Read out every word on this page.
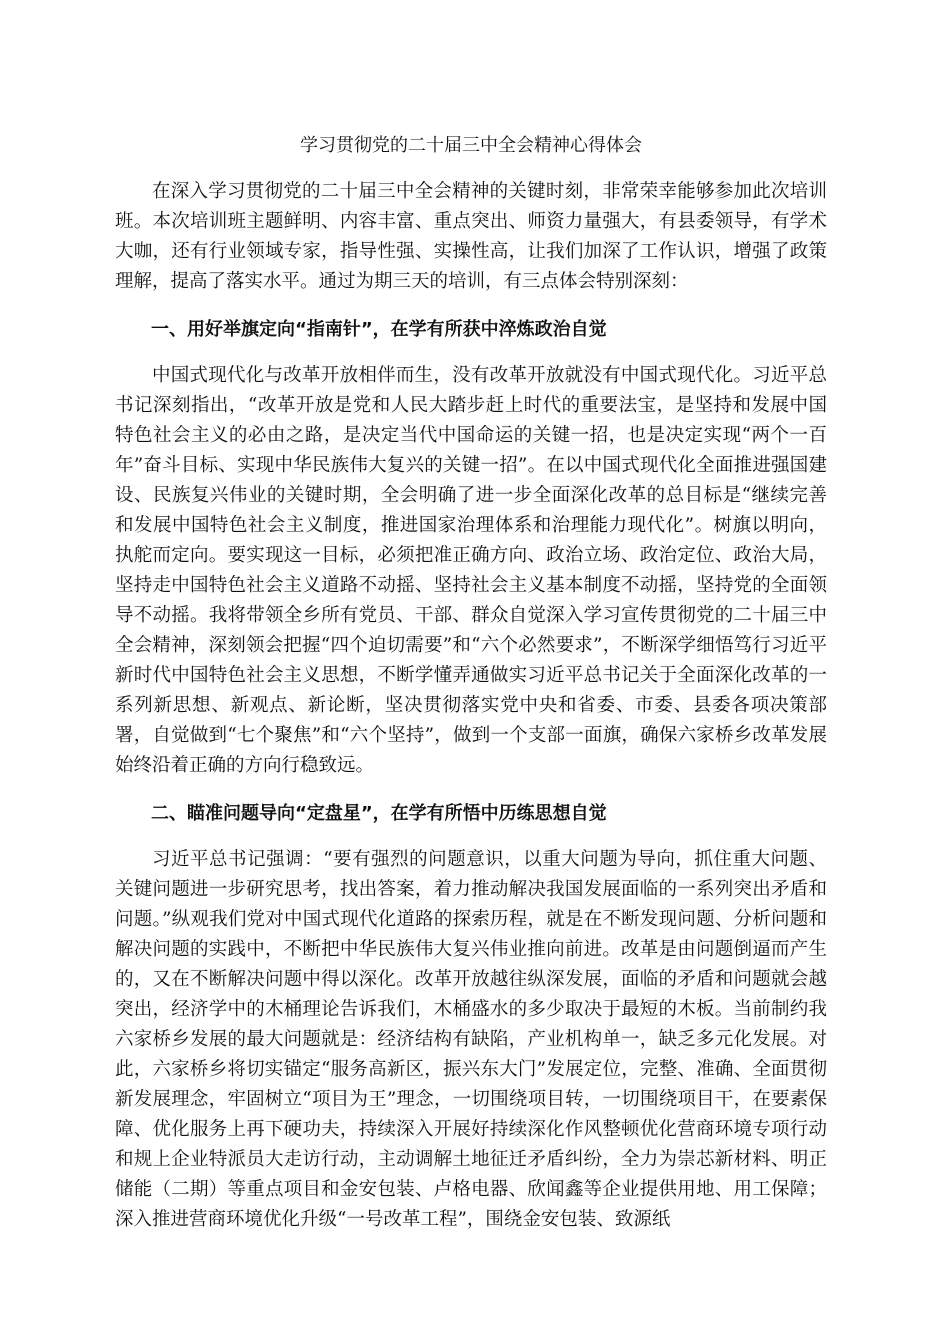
学习贯彻党的二十届三中全会精神心得体会

在深入学习贯彻党的二十届三中全会精神的关键时刻，非常荣幸能够参加此次培训班。本次培训班主题鲜明、内容丰富、重点突出、师资力量强大，有县委领导，有学术大咖，还有行业领域专家，指导性强、实操性高，让我们加深了工作认识，增强了政策理解，提高了落实水平。通过为期三天的培训，有三点体会特别深刻：

一、用好举旗定向“指南针”，在学有所获中淬炼政治自觉

中国式现代化与改革开放相伴而生，没有改革开放就没有中国式现代化。习近平总书记深刻指出，“改革开放是党和人民大踏步赶上时代的重要法宝，是坚持和发展中国特色社会主义的必由之路，是决定当代中国命运的关键一招，也是决定实现“两个一百年”奋斗目标、实现中华民族伟大复兴的关键一招”。在以中国式现代化全面推进强国建设、民族复兴伟业的关键时期，全会明确了进一步全面深化改革的总目标是“继续完善和发展中国特色社会主义制度，推进国家治理体系和治理能力现代化”。树旗以明向，执舵而定向。要实现这一目标，必须把准正确方向、政治立场、政治定位、政治大局，坚持走中国特色社会主义道路不动摇、坚持社会主义基本制度不动摇，坚持党的全面领导不动摇。我将带领全乡所有党员、干部、群众自觉深入学习宣传贯彻党的二十届三中全会精神，深刻领会把握“四个迫切需要”和“六个必然要求”，不断深学细悟笃行习近平新时代中国特色社会主义思想，不断学懂弄通做实习近平总书记关于全面深化改革的一系列新思想、新观点、新论断，坚决贯彻落实党中央和省委、市委、县委各项决策部署，自觉做到“七个聚焦”和“六个坚持”，做到一个支部一面旗，确保六家桥乡改革发展始终沿着正确的方向行稳致远。

二、瞄准问题导向“定盘星”，在学有所悟中历练思想自觉

习近平总书记强调：“要有强烈的问题意识，以重大问题为导向，抓住重大问题、关键问题进一步研究思考，找出答案，着力推动解决我国发展面临的一系列突出矛盾和问题。”纵观我们党对中国式现代化道路的探索历程，就是在不断发现问题、分析问题和解决问题的实践中，不断把中华民族伟大复兴伟业推向前进。改革是由问题倒逼而产生的，又在不断解决问题中得以深化。改革开放越往纵深发展，面临的矛盾和问题就会越突出，经济学中的木桶理论告诉我们，木桶盛水的多少取决于最短的木板。当前制约我六家桥乡发展的最大问题就是：经济结构有缺陷，产业机构单一，缺乏多元化发展。对此，六家桥乡将切实锚定“服务高新区，振兴东大门”发展定位，完整、准确、全面贯彻新发展理念，牢固树立“项目为王”理念，一切围绕项目转，一切围绕项目干，在要素保障、优化服务上再下硬功夫，持续深入开展好持续深化作风整顿优化营商环境专项行动和规上企业特派员大走访行动，主动调解土地征迁矛盾纠纷，全力为崇芯新材料、明正储能（二期）等重点项目和金安包装、卢格电器、欣闻鑫等企业提供用地、用工保障；深入推进营商环境优化升级“一号改革工程”，围绕金安包装、致源纸
